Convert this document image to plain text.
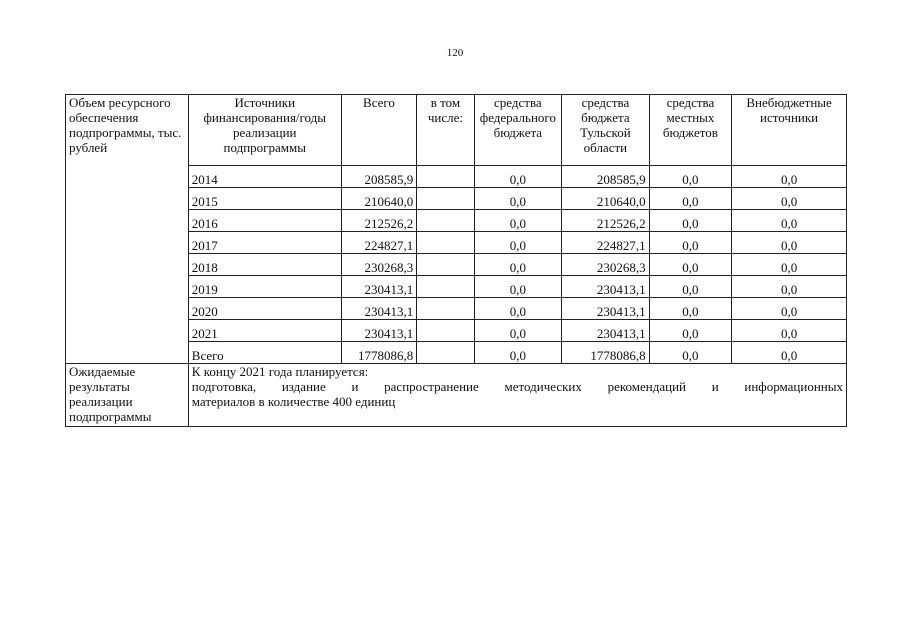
120
Объем ресурсного обеспечения подпрограммы, тыс. рублей	Источники финансирования/годы реализации подпрограммы	Всего	в том числе:	средства федерального бюджета	средства бюджета Тульской области	средства местных бюджетов	Внебюджетные источники
	2014	208585,9		0,0	208585,9	0,0	0,0
	2015	210640,0		0,0	210640,0	0,0	0,0
	2016	212526,2		0,0	212526,2	0,0	0,0
	2017	224827,1		0,0	224827,1	0,0	0,0
	2018	230268,3		0,0	230268,3	0,0	0,0
	2019	230413,1		0,0	230413,1	0,0	0,0
	2020	230413,1		0,0	230413,1	0,0	0,0
	2021	230413,1		0,0	230413,1	0,0	0,0
	Всего	1778086,8		0,0	1778086,8	0,0	0,0
Ожидаемые результаты реализации подпрограммы	К концу 2021 года планируется:
подготовка, издание и распространение методических рекомендаций и информационных
материалов в количестве 400 единиц						
